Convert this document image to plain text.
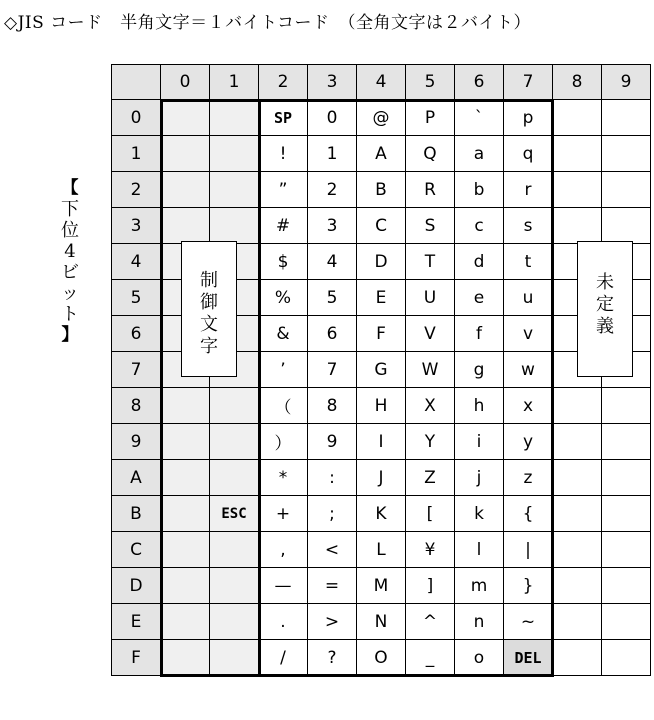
◇JIS コード　半角文字＝１バイトコード　（全角文字は２バイト）
【
下
位
4
ビ
ッ
ト
】
	0	1	2	3	4	5	6	7	8	9
0			SP	0	@	P	`	p		
1			!	1	A	Q	a	q		
2			”	2	B	R	b	r		
3			#	3	C	S	c	s		
4			$	4	D	T	d	t		
5			%	5	E	U	e	u		
6			&	6	F	V	f	v		
7			’	7	G	W	g	w		
8			（	8	H	X	h	x		
9			）	9	I	Y	i	y		
A			*	:	J	Z	j	z		
B		ESC	+	;	K	[	k	{		
C			,	<	L	¥	l	|		
D			—	=	M	]	m	}		
E			.	>	N	^	n	~		
F			/	?	O	_	o	DEL		
制
御
文
字
未
定
義
